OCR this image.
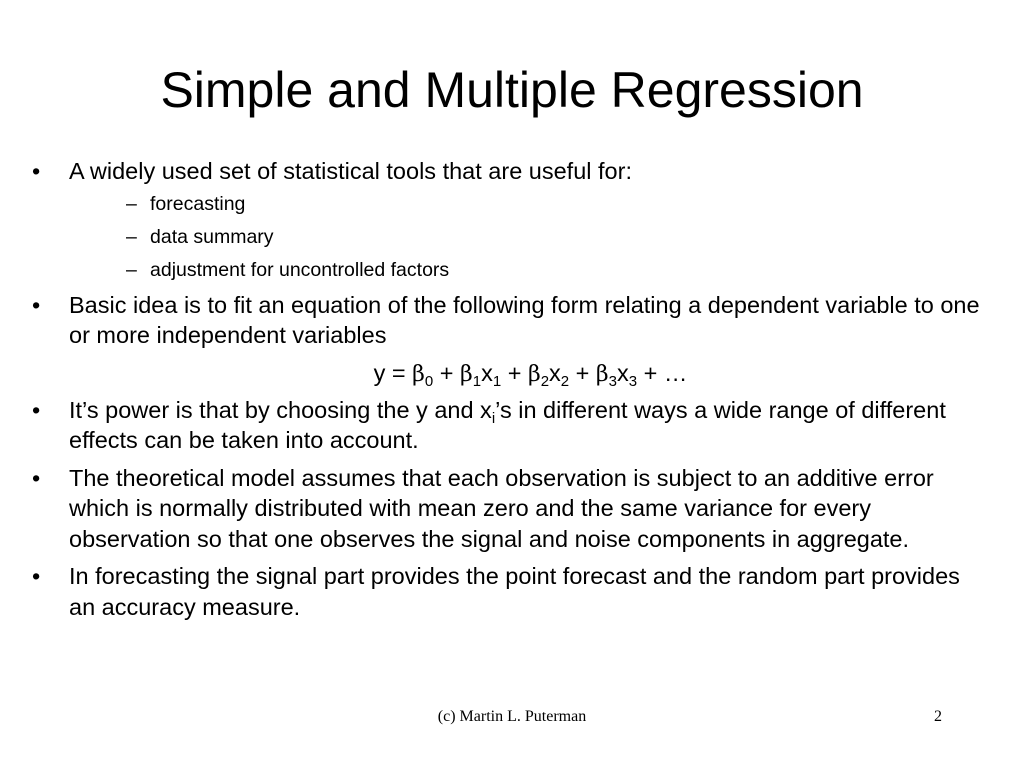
Simple and Multiple Regression
• A widely used set of statistical tools that are useful for:
– forecasting
– data summary
– adjustment for uncontrolled factors
• Basic idea is to fit an equation of the following form relating a dependent variable to one or more independent variables
$y = \beta_0 + \beta_1x_1 + \beta_2x_2 + \beta_3x_3$ + …
• It’s power is that by choosing the y and $x_i’s$ in different ways a wide range of different effects can be taken into account.
• The theoretical model assumes that each observation is subject to an additive error which is normally distributed with mean zero and the same variance for every observation so that one observes the signal and noise components in aggregate.
• In forecasting the signal part provides the point forecast and the random part provides an accuracy measure.
(c) Martin L. Puterman	2
